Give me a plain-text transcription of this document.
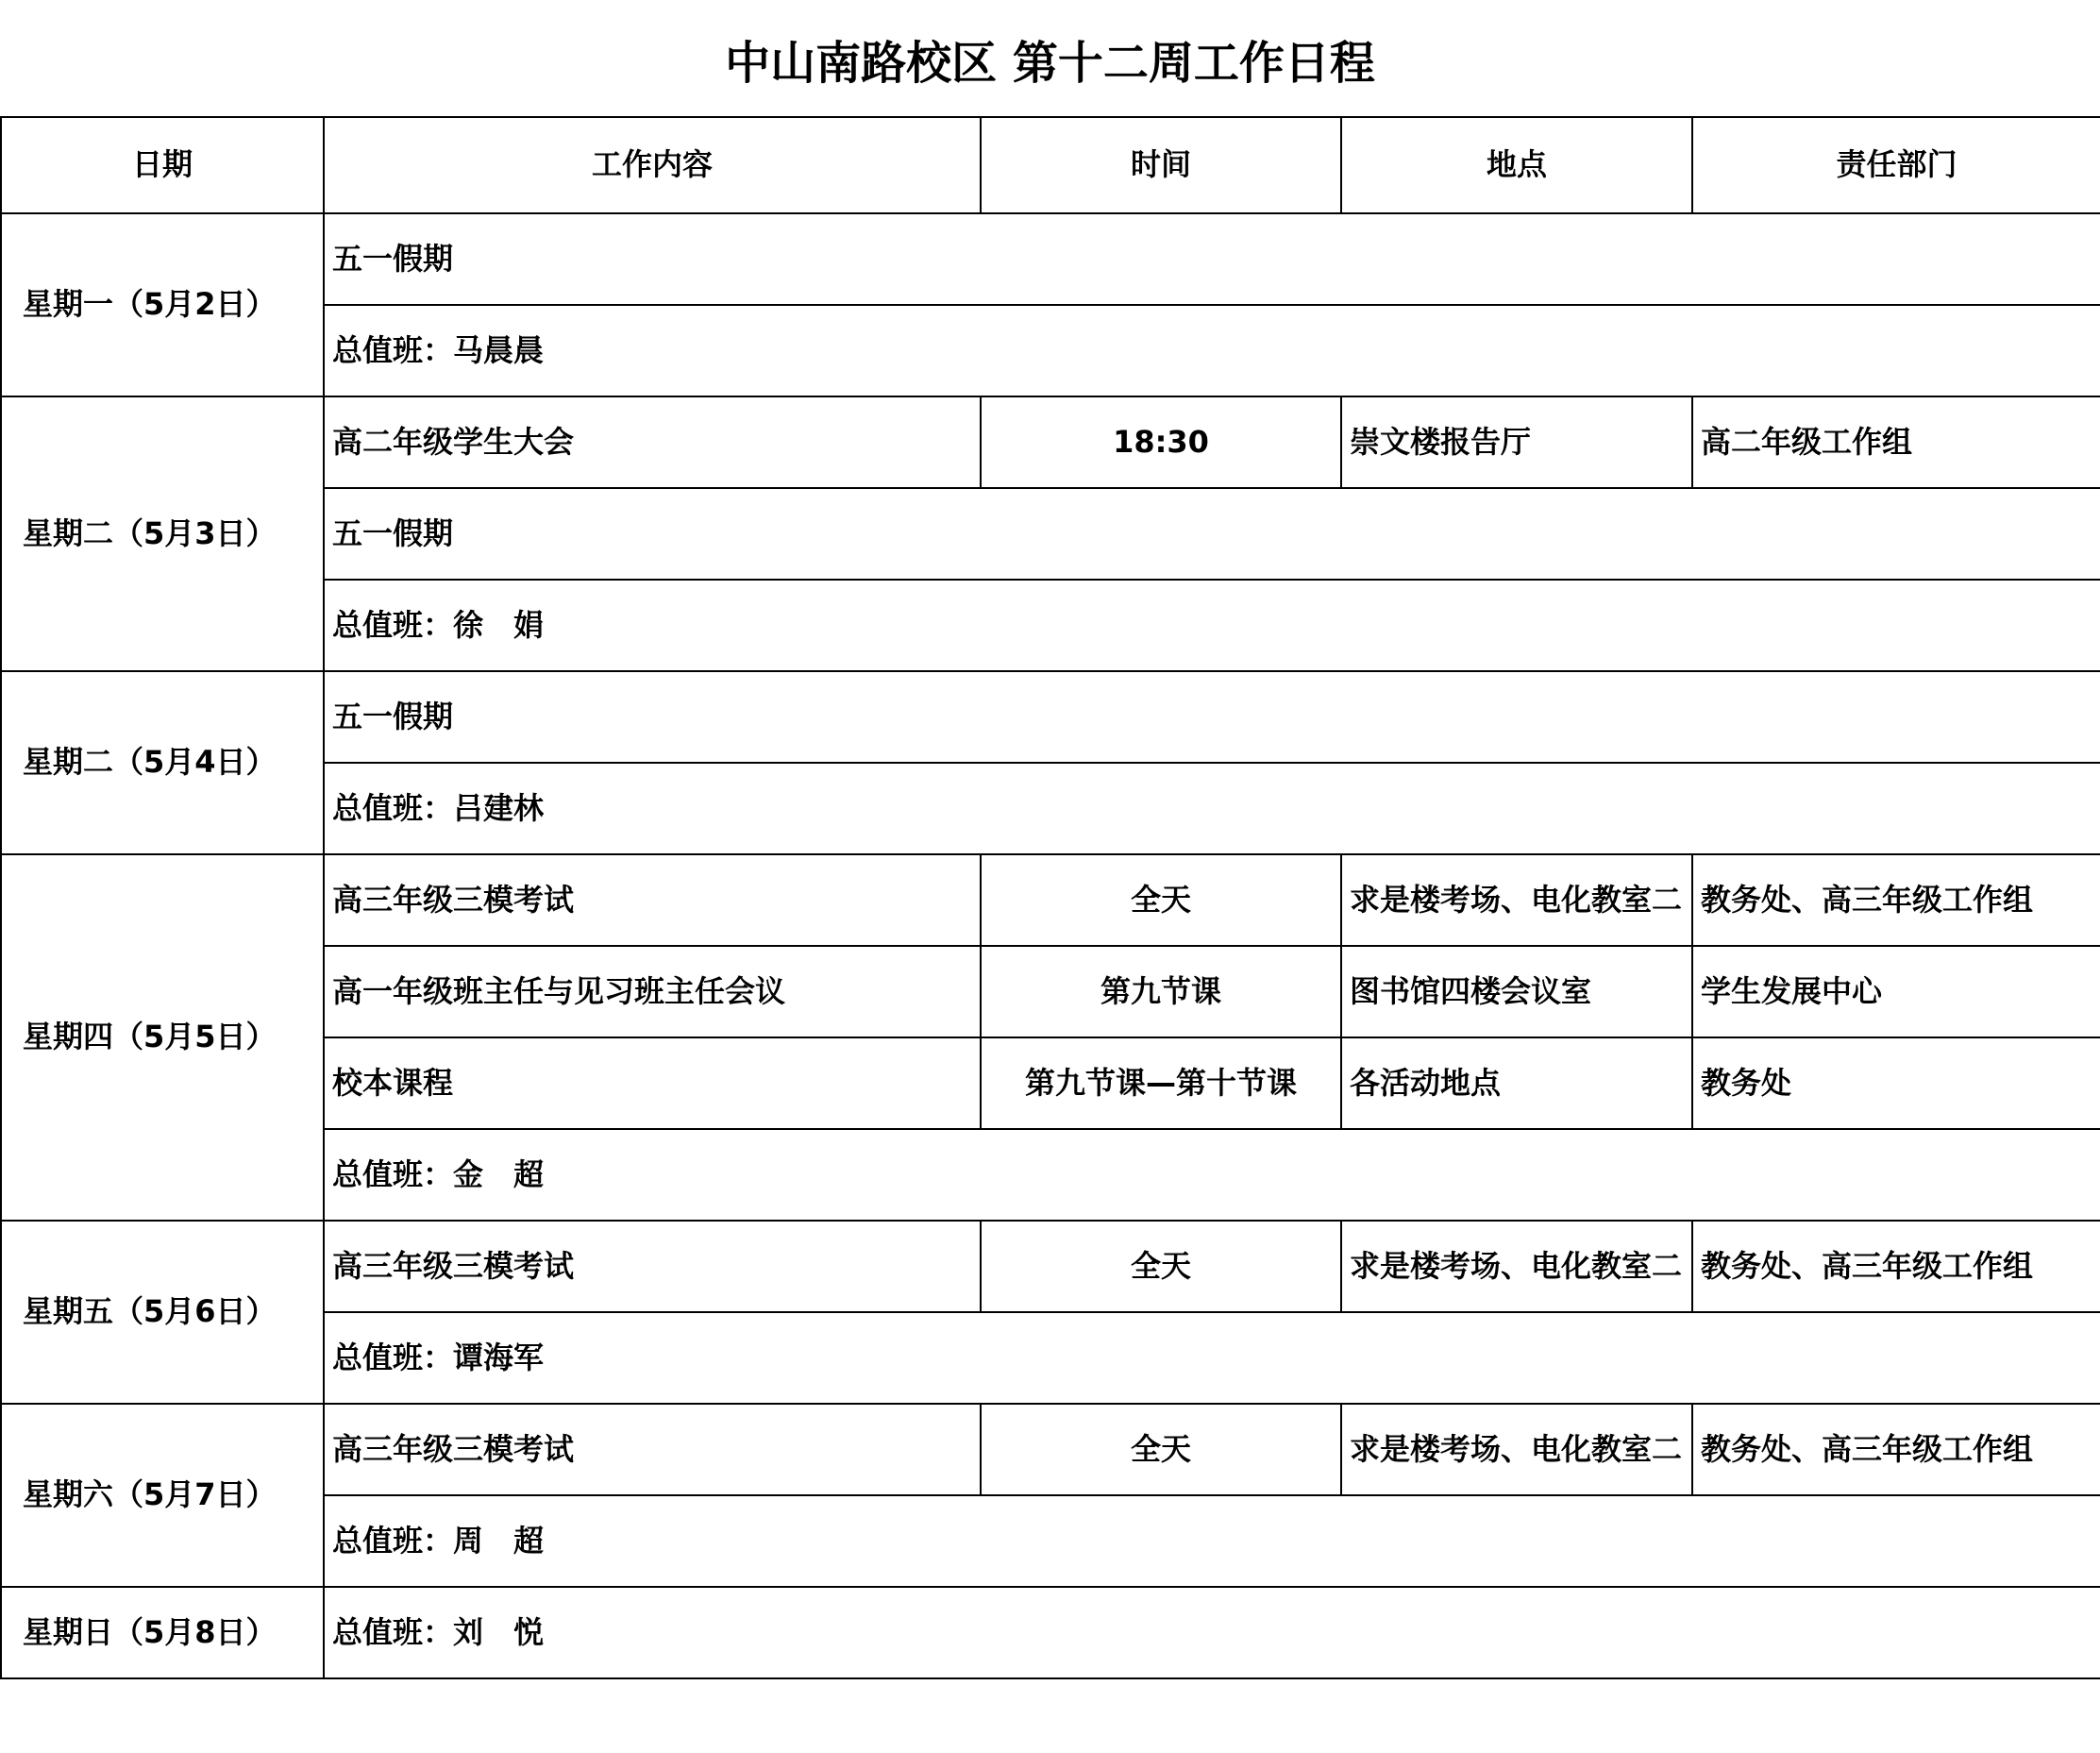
中山南路校区 第十二周工作日程
日期	工作内容	时间	地点	责任部门
星期一（5月2日）	五一假期			
	总值班：马晨晨			
星期二（5月3日）	高二年级学生大会	18:30	崇文楼报告厅	高二年级工作组
	五一假期			
	总值班：徐　娟			
星期二（5月4日）	五一假期			
	总值班：吕建林			
星期四（5月5日）	高三年级三模考试	全天	求是楼考场、电化教室二	教务处、高三年级工作组
	高一年级班主任与见习班主任会议	第九节课	图书馆四楼会议室	学生发展中心
	校本课程	第九节课—第十节课	各活动地点	教务处
	总值班：金　超			
星期五（5月6日）	高三年级三模考试	全天	求是楼考场、电化教室二	教务处、高三年级工作组
	总值班：谭海军			
星期六（5月7日）	高三年级三模考试	全天	求是楼考场、电化教室二	教务处、高三年级工作组
	总值班：周　超			
星期日（5月8日）	总值班：刘　悦			
